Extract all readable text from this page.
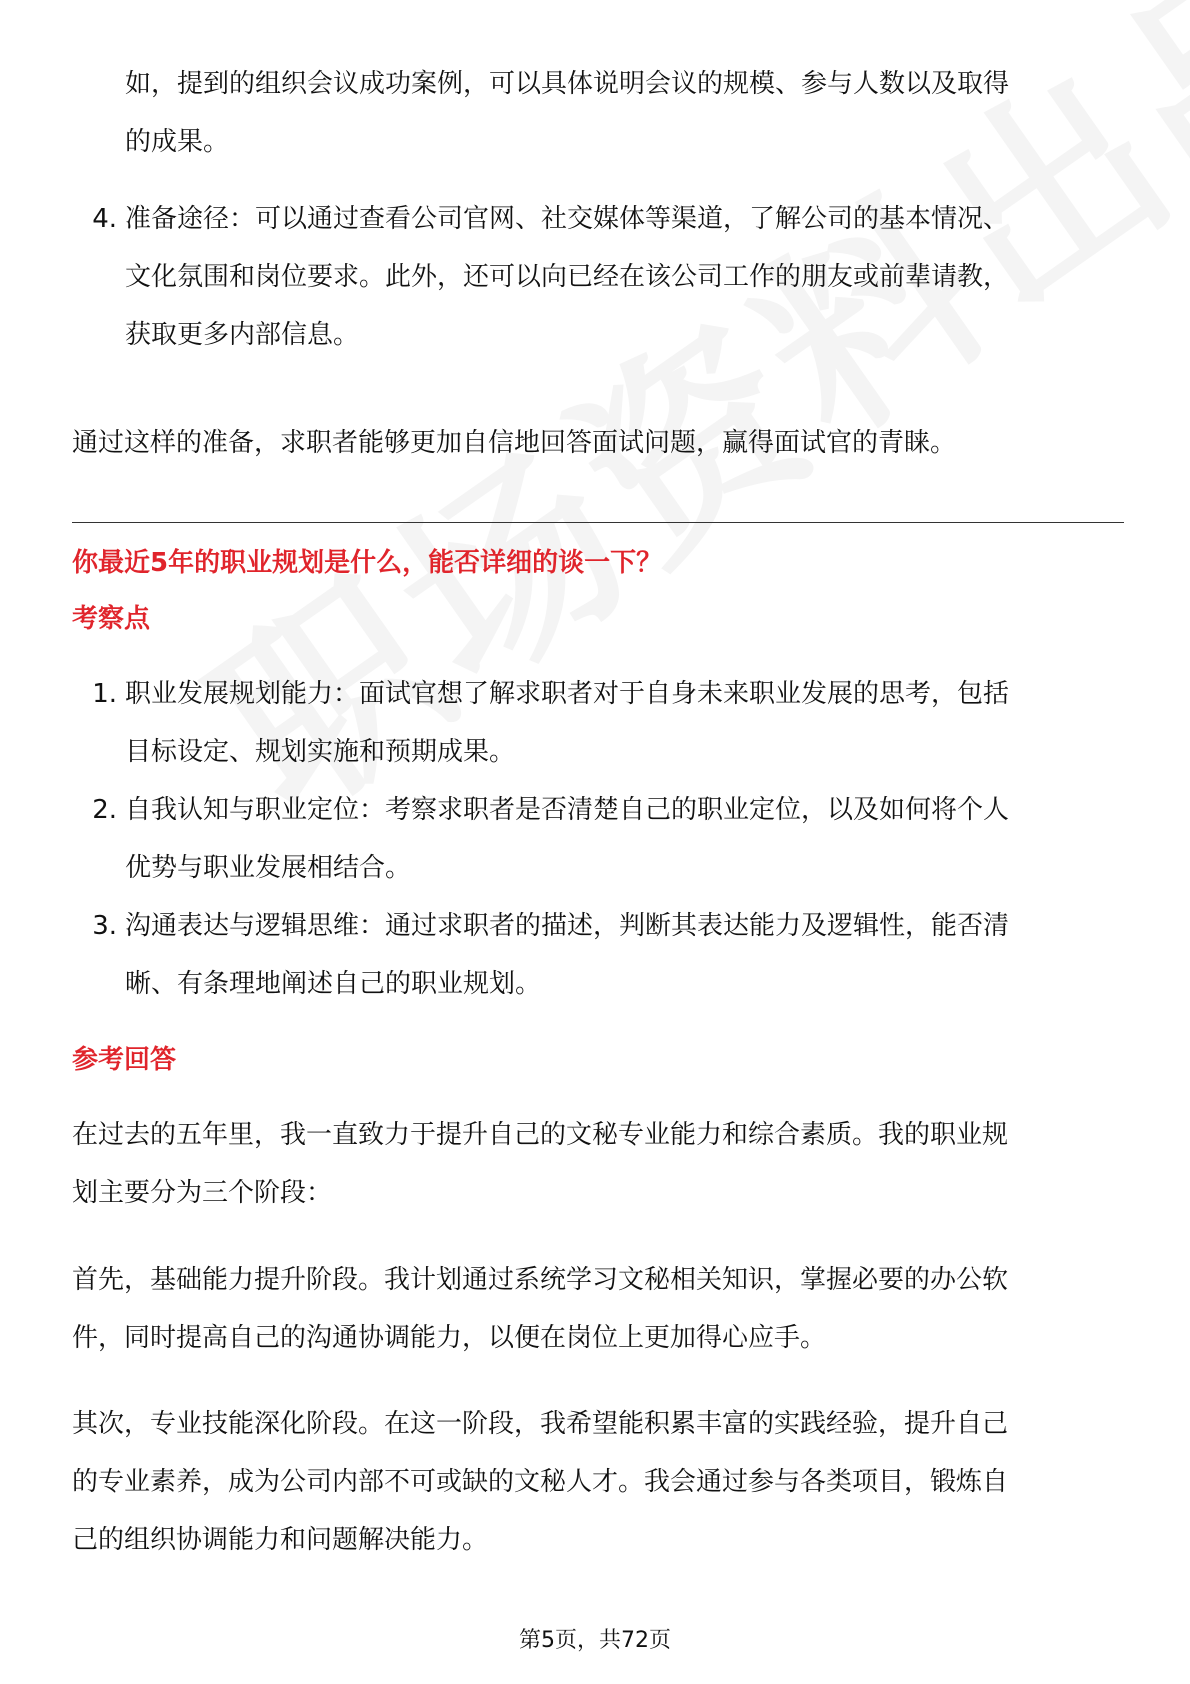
如，提到的组织会议成功案例，可以具体说明会议的规模、参与人数以及取得
的成果。
4. 准备途径：可以通过查看公司官网、社交媒体等渠道，了解公司的基本情况、
文化氛围和岗位要求。此外，还可以向已经在该公司工作的朋友或前辈请教，
获取更多内部信息。
通过这样的准备，求职者能够更加自信地回答面试问题，赢得面试官的青睐。
你最近5年的职业规划是什么，能否详细的谈一下？
考察点
1. 职业发展规划能力：面试官想了解求职者对于自身未来职业发展的思考，包括
目标设定、规划实施和预期成果。
2. 自我认知与职业定位：考察求职者是否清楚自己的职业定位，以及如何将个人
优势与职业发展相结合。
3. 沟通表达与逻辑思维：通过求职者的描述，判断其表达能力及逻辑性，能否清
晰、有条理地阐述自己的职业规划。
参考回答
在过去的五年里，我一直致力于提升自己的文秘专业能力和综合素质。我的职业规
划主要分为三个阶段：
首先，基础能力提升阶段。我计划通过系统学习文秘相关知识，掌握必要的办公软
件，同时提高自己的沟通协调能力，以便在岗位上更加得心应手。
其次，专业技能深化阶段。在这一阶段，我希望能积累丰富的实践经验，提升自己
的专业素养，成为公司内部不可或缺的文秘人才。我会通过参与各类项目，锻炼自
己的组织协调能力和问题解决能力。
第5页，共72页
